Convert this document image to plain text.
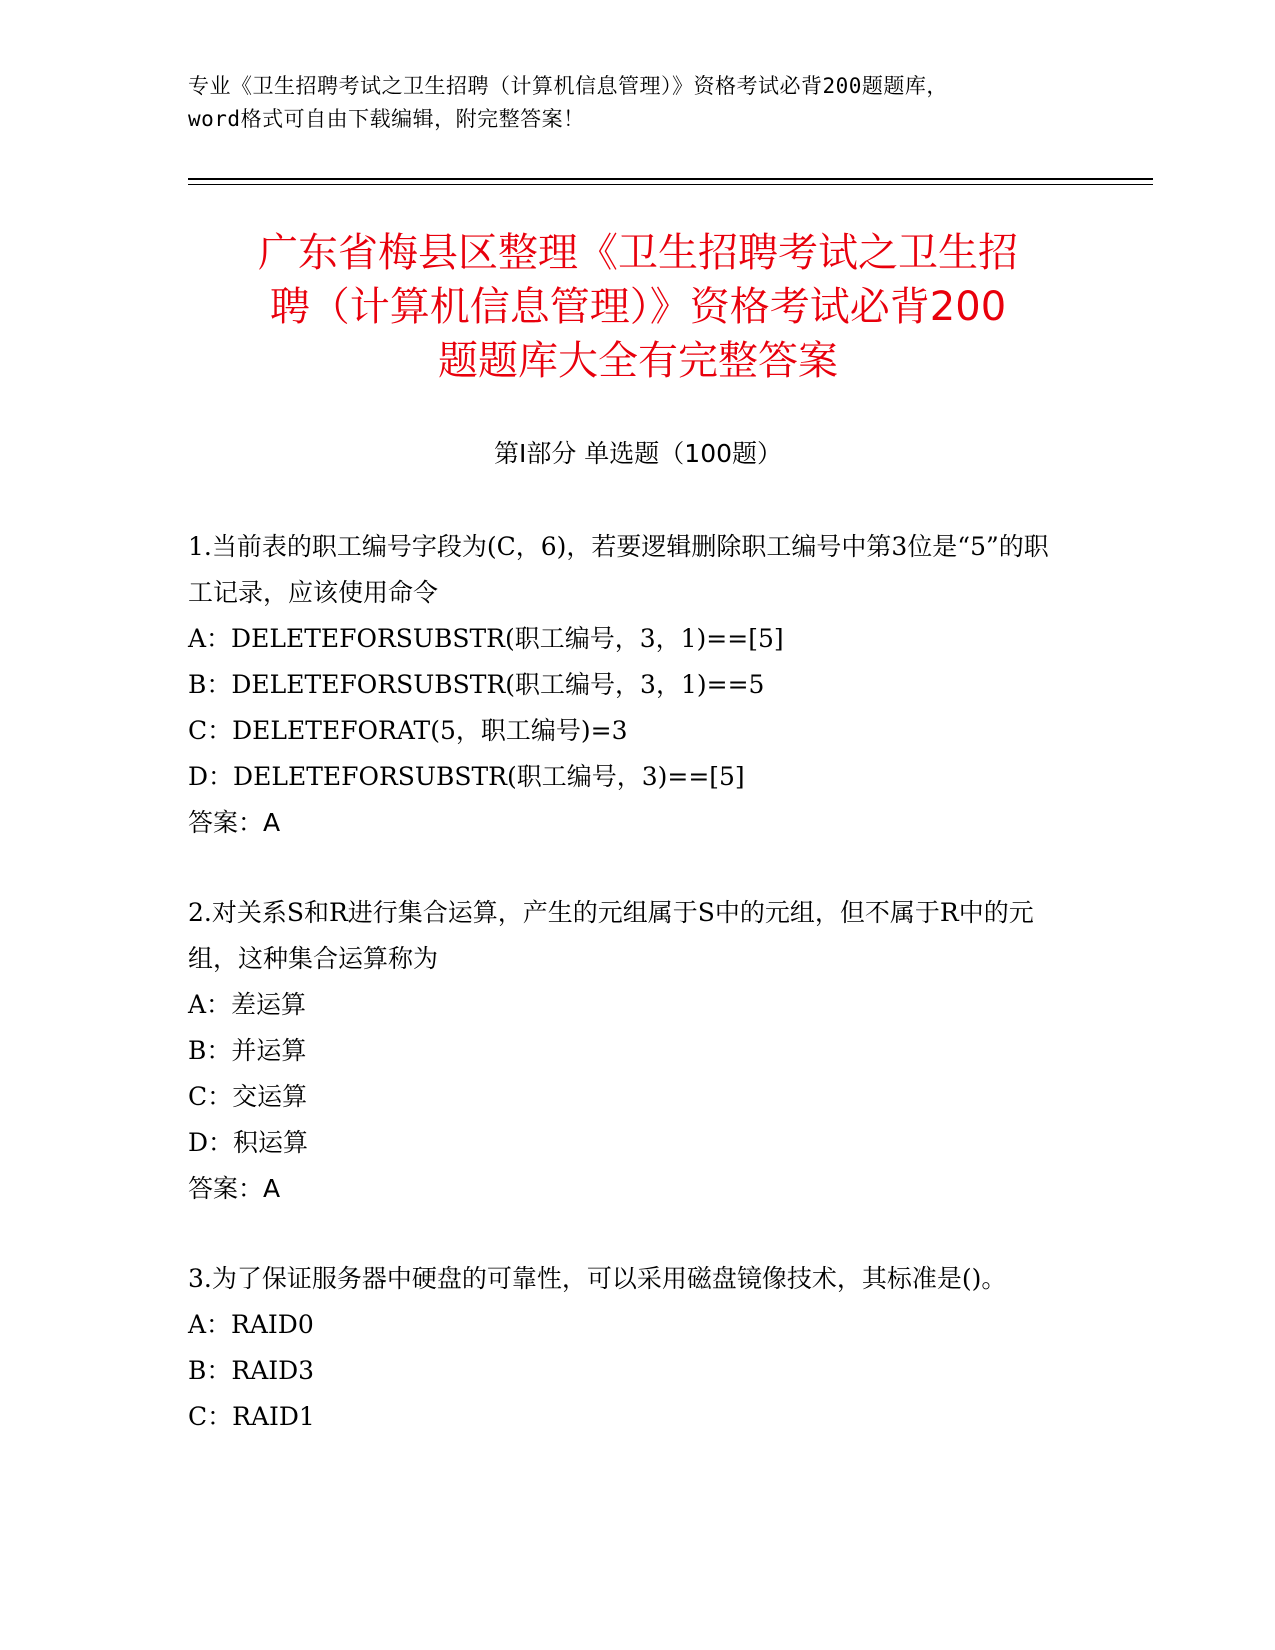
专业《卫生招聘考试之卫生招聘（计算机信息管理）》资格考试必背200题题库，
word格式可自由下载编辑，附完整答案！
广东省梅县区整理《卫生招聘考试之卫生招
聘（计算机信息管理）》资格考试必背200
题题库大全有完整答案
第Ⅰ部分 单选题（100题）

1.当前表的职工编号字段为(C，6)，若要逻辑删除职工编号中第3位是“5”的职工记录，应该使用命令

A：DELETEFORSUBSTR(职工编号，3，1)==[5]

B：DELETEFORSUBSTR(职工编号，3，1)==5

C：DELETEFORAT(5，职工编号)=3

D：DELETEFORSUBSTR(职工编号，3)==[5]

答案：A

2.对关系S和R进行集合运算，产生的元组属于S中的元组，但不属于R中的元组，这种集合运算称为

A：差运算

B：并运算

C：交运算

D：积运算

答案：A

3.为了保证服务器中硬盘的可靠性，可以采用磁盘镜像技术，其标准是()。

A：RAID0

B：RAID3

C：RAID1
